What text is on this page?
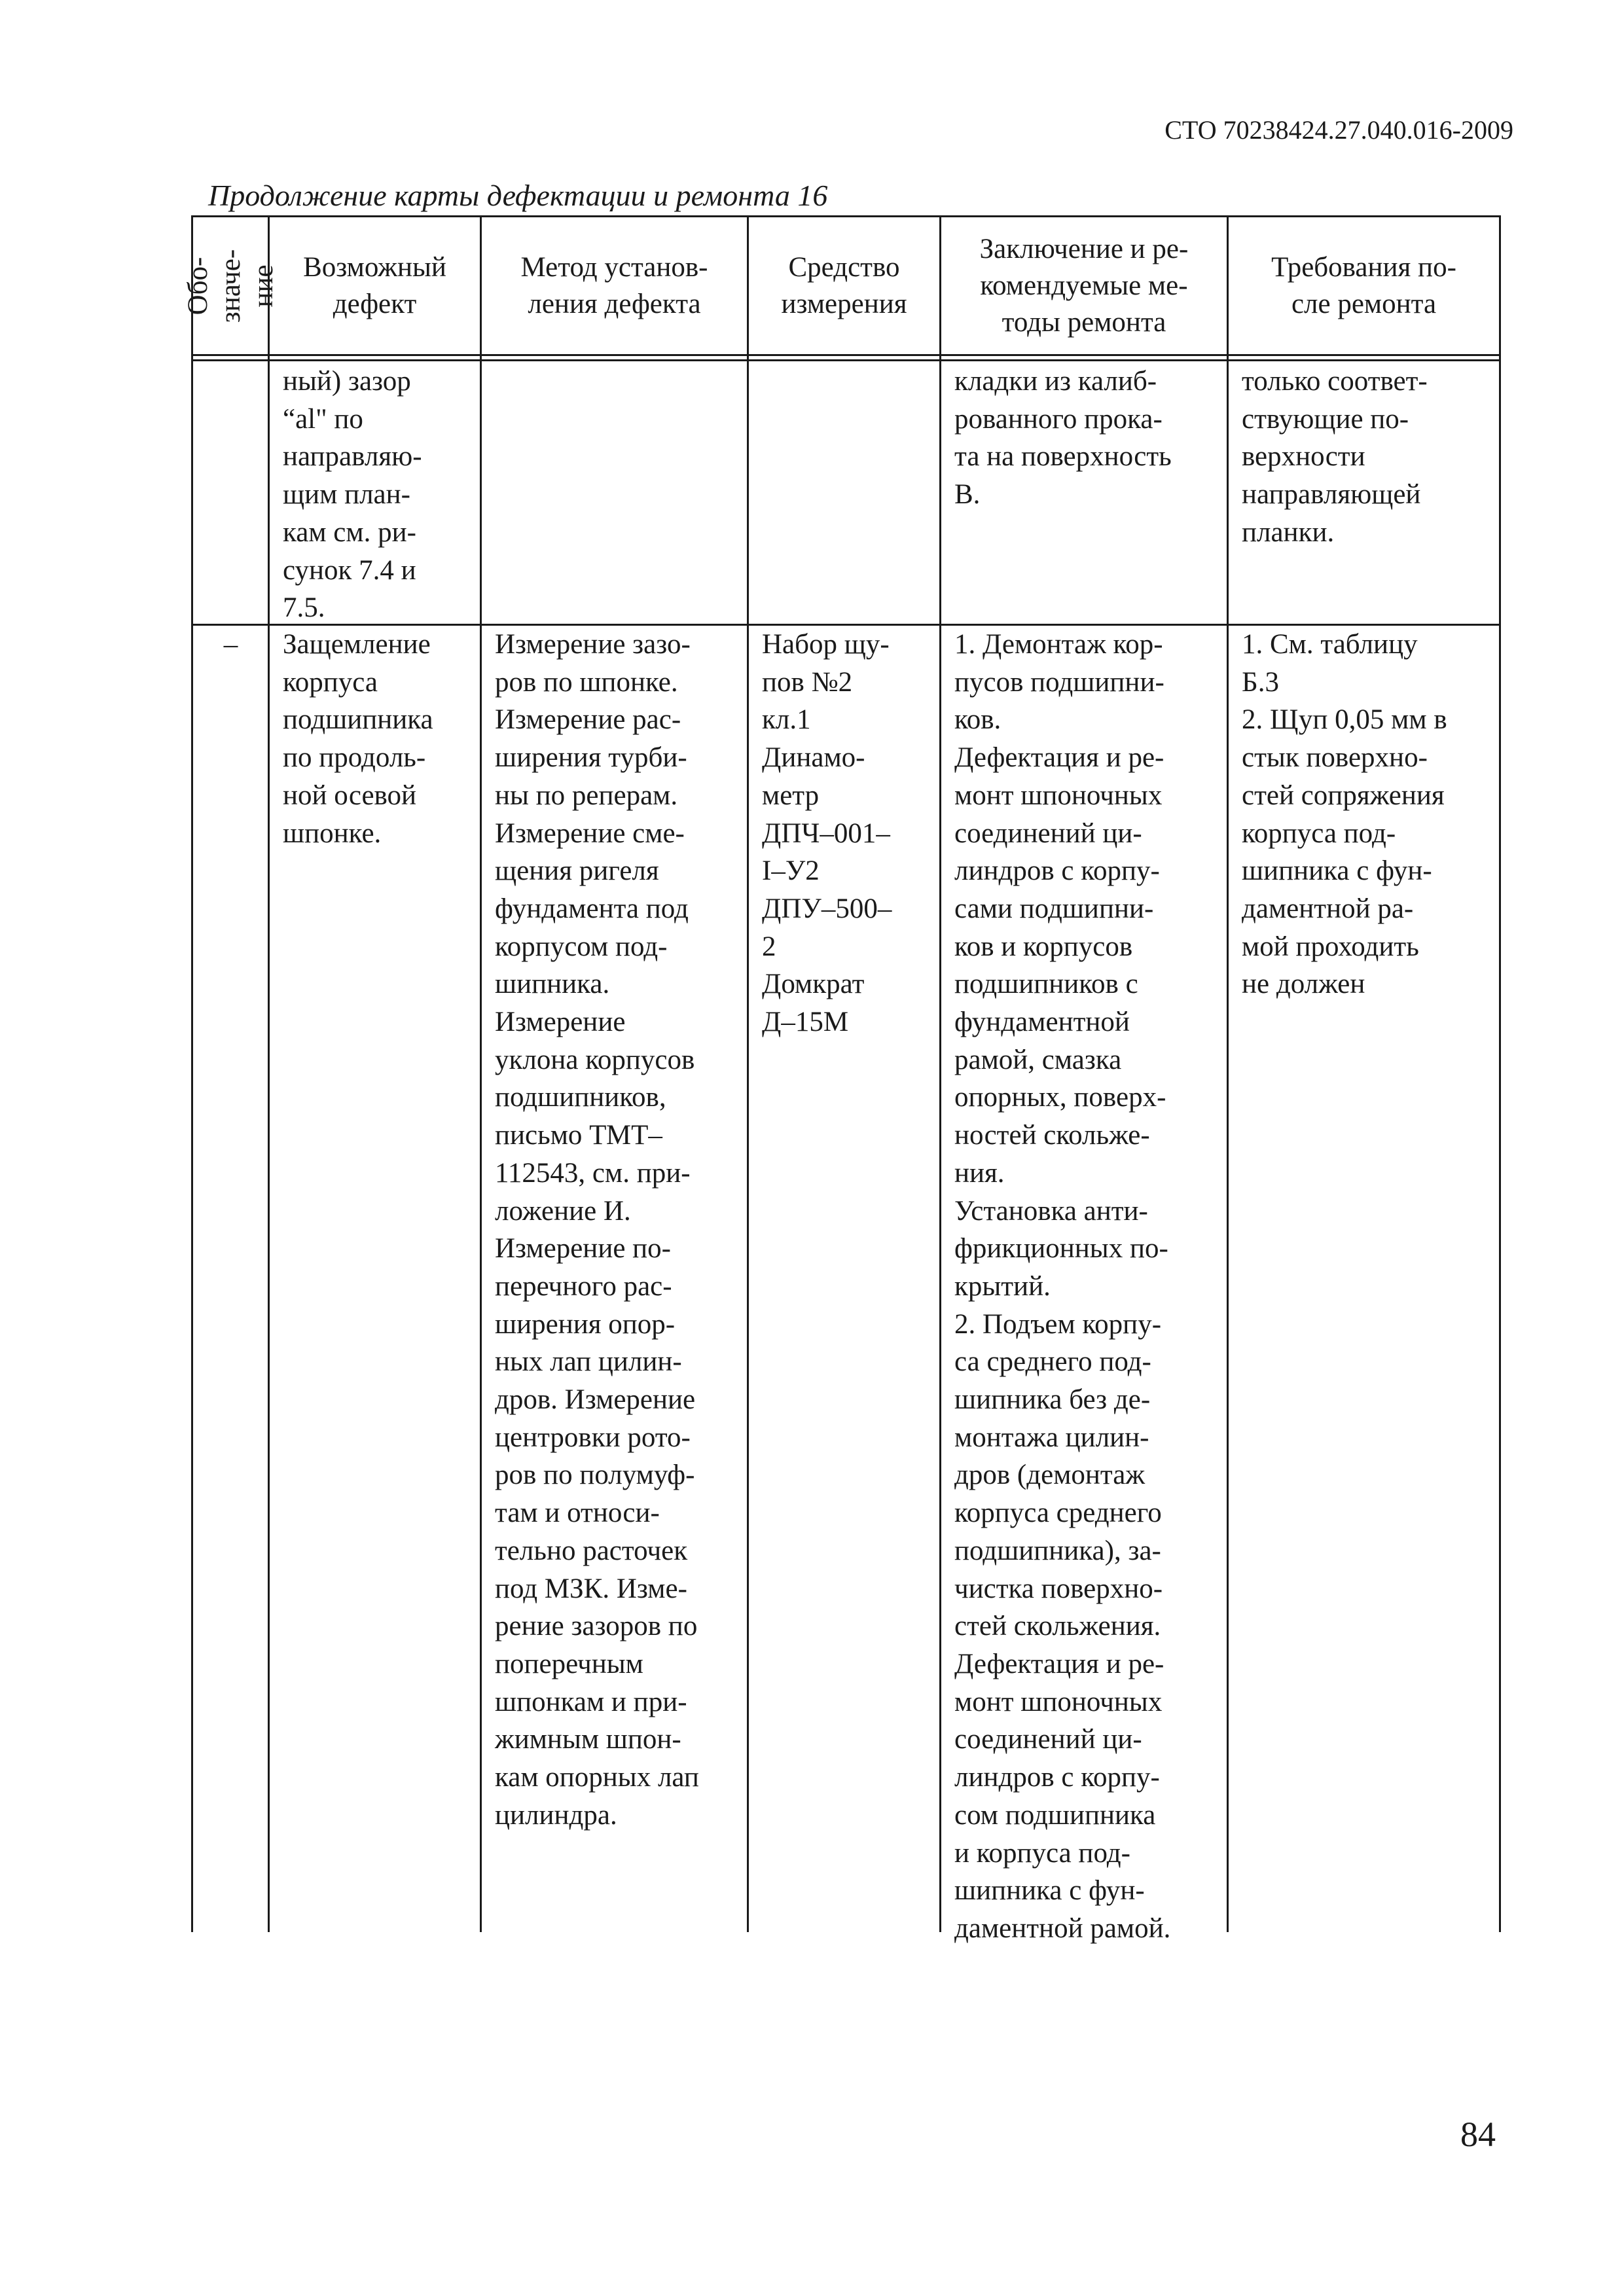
СТО 70238424.27.040.016-2009
Продолжение карты дефектации и ремонта 16
Обо-
значе-
ние Возможный
дефект
Метод установ-
ления дефекта
Средство
измерения
Заключение и ре-
комендуемые ме-
тоды ремонта
Требования по-
сле ремонта
ный) зазор
“al" по
направляю-
щим план-
кам см. ри-
сунок 7.4 и
7.5.
кладки из калиб-
рованного прока-
та на поверхность
В.
только соответ-
ствующие по-
верхности
направляющей
планки.
–	Защемление
корпуса
подшипника
по продоль-
ной осевой
шпонке.
Измерение зазо-
ров по шпонке.
Измерение рас-
ширения турби-
ны по реперам.
Измерение сме-
щения ригеля
фундамента под
корпусом под-
шипника.
Измерение
уклона корпусов
подшипников,
письмо ТМТ–
112543, см. при-
ложение И.
Измерение по-
перечного рас-
ширения опор-
ных лап цилин-
дров. Измерение
центровки рото-
ров по полумуф-
там и относи-
тельно расточек
под МЗК. Изме-
рение зазоров по
поперечным
шпонкам и при-
жимным шпон-
кам опорных лап
цилиндра.
Набор щу-
пов №2
кл.1
Динамо-
метр
ДПЧ–001–
I–У2
ДПУ–500–
2
Домкрат
Д–15М
1. Демонтаж кор-
пусов подшипни-
ков.
Дефектация и ре-
монт шпоночных
соединений ци-
линдров с корпу-
сами подшипни-
ков и корпусов
подшипников с
фундаментной
рамой, смазка
опорных, поверх-
ностей скольже-
ния.
Установка анти-
фрикционных по-
крытий.
2. Подъем корпу-
са среднего под-
шипника без де-
монтажа цилин-
дров (демонтаж
корпуса среднего
подшипника), за-
чистка поверхно-
стей скольжения.
Дефектация и ре-
монт шпоночных
соединений ци-
линдров с корпу-
сом подшипника
и корпуса под-
шипника с фун-
даментной рамой.
1. См. таблицу
Б.3
2. Щуп 0,05 мм в
стык поверхно-
стей сопряжения
корпуса под-
шипника с фун-
даментной ра-
мой проходить
не должен
84
